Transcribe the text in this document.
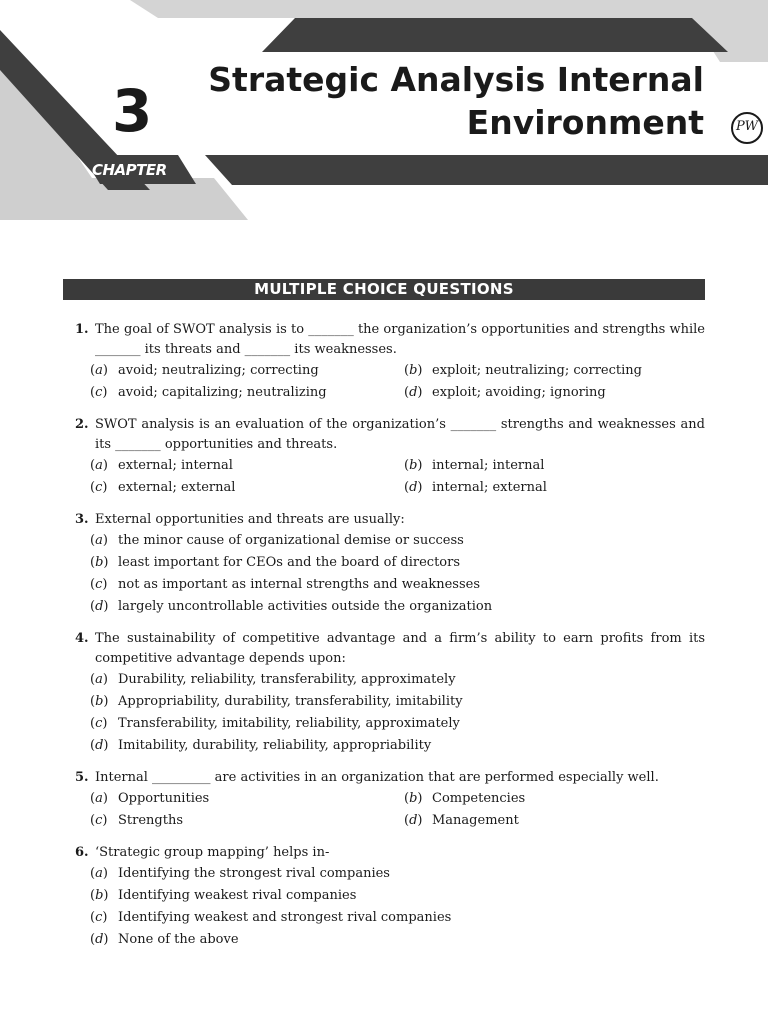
3
CHAPTER
Strategic Analysis Internal
Environment	PW
MULTIPLE CHOICE QUESTIONS
1. The goal of SWOT analysis is to _______ the organization’s opportunities and strengths while _______ its threats and _______ its weaknesses.
(a) avoid; neutralizing; correcting	(b) exploit; neutralizing; correcting
(c) avoid; capitalizing; neutralizing	(d) exploit; avoiding; ignoring
2. SWOT analysis is an evaluation of the organization’s _______ strengths and weaknesses and its _______ opportunities and threats.
(a) external; internal	(b) internal; internal
(c) external; external	(d) internal; external
3. External opportunities and threats are usually:
(a) the minor cause of organizational demise or success
(b) least important for CEOs and the board of directors
(c) not as important as internal strengths and weaknesses
(d) largely uncontrollable activities outside the organization
4. The sustainability of competitive advantage and a firm’s ability to earn profits from its competitive advantage depends upon:
(a) Durability, reliability, transferability, approximately
(b) Appropriability, durability, transferability, imitability
(c) Transferability, imitability, reliability, approximately
(d) Imitability, durability, reliability, appropriability
5. Internal _________ are activities in an organization that are performed especially well.
(a) Opportunities	(b) Competencies
(c) Strengths	(d) Management
6. ‘Strategic group mapping’ helps in-
(a) Identifying the strongest rival companies
(b) Identifying weakest rival companies
(c) Identifying weakest and strongest rival companies
(d) None of the above
